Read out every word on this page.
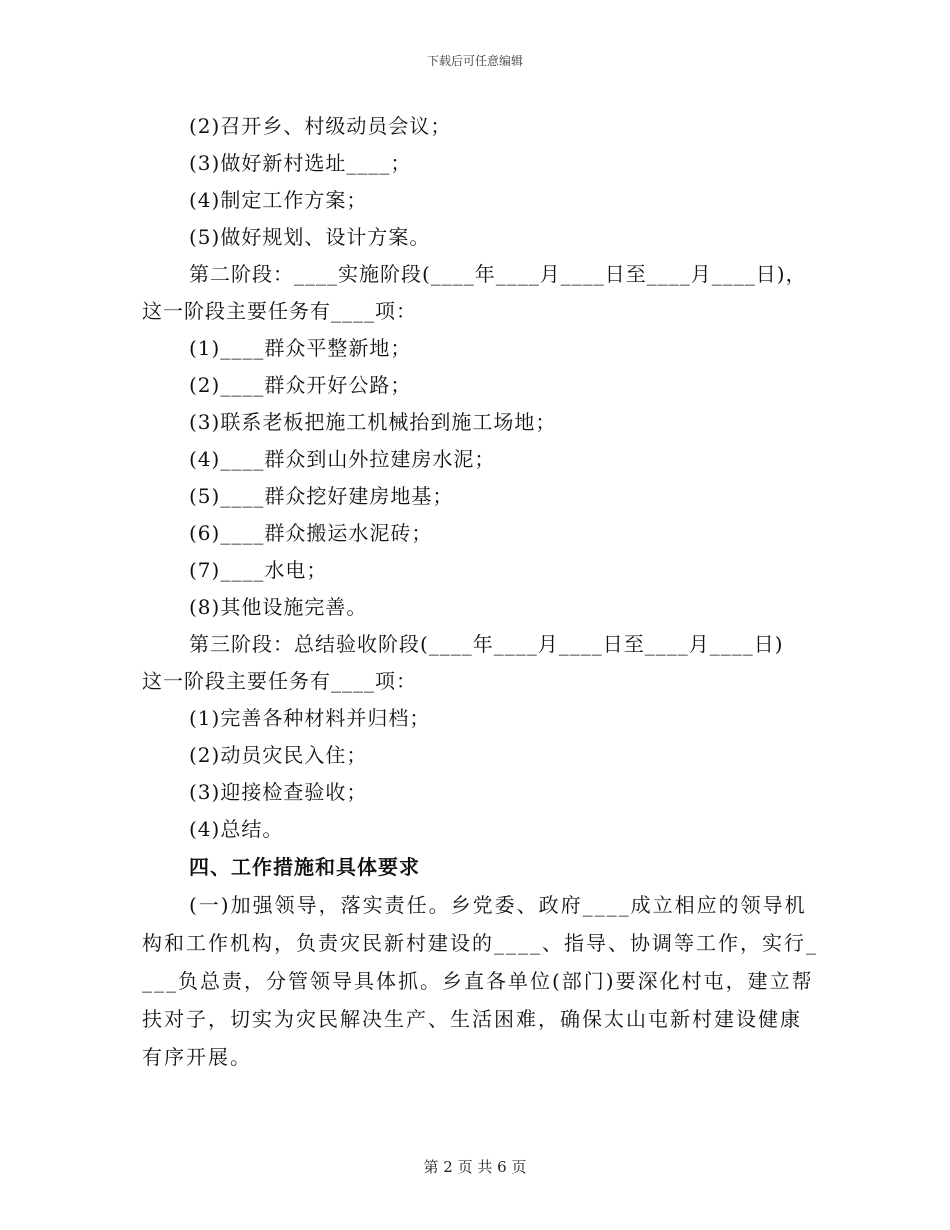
下载后可任意编辑
(2)召开乡、村级动员会议；
(3)做好新村选址____；
(4)制定工作方案；
(5)做好规划、设计方案。
第二阶段：____实施阶段(____年____月____日至____月____日)，
这一阶段主要任务有____项：
(1)____群众平整新地；
(2)____群众开好公路；
(3)联系老板把施工机械抬到施工场地；
(4)____群众到山外拉建房水泥；
(5)____群众挖好建房地基；
(6)____群众搬运水泥砖；
(7)____水电；
(8)其他设施完善。
第三阶段：总结验收阶段(____年____月____日至____月____日)
这一阶段主要任务有____项：
(1)完善各种材料并归档；
(2)动员灾民入住；
(3)迎接检查验收；
(4)总结。
四、工作措施和具体要求
(一)加强领导，落实责任。乡党委、政府____成立相应的领导机
构和工作机构，负责灾民新村建设的____、指导、协调等工作，实行_
___负总责，分管领导具体抓。乡直各单位(部门)要深化村屯，建立帮
扶对子，切实为灾民解决生产、生活困难，确保太山屯新村建设健康
有序开展。
第 2 页 共 6 页
